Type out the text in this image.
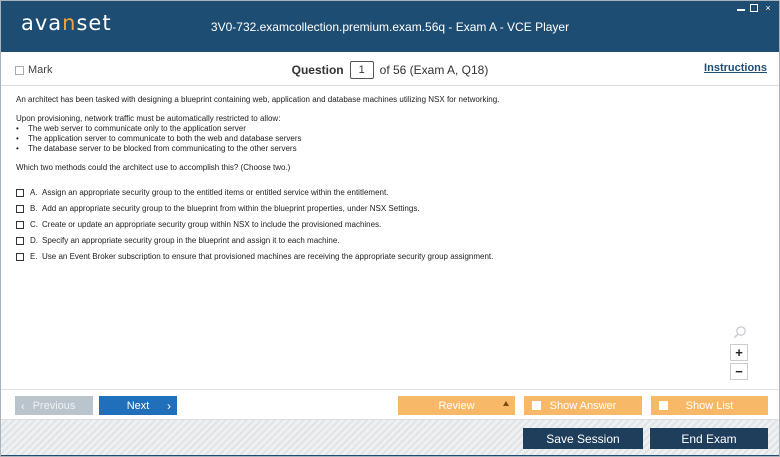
avanset	3V0-732.examcollection.premium.exam.56q - Exam A - VCE Player
×
Mark	Question	1	of 56 (Exam A, Q18)	Instructions

An architect has been tasked with designing a blueprint containing web, application and database machines utilizing NSX for networking.

Upon provisioning, network traffic must be automatically restricted to allow:
•	The web server to communicate only to the application server
•	The application server to communicate to both the web and database servers
•	The database server to be blocked from communicating to the other servers

Which two methods could the architect use to accomplish this? (Choose two.)

A. Assign an appropriate security group to the entitled items or entitled service within the entitlement.
B. Add an appropriate security group to the blueprint from within the blueprint properties, under NSX Settings.
C. Create or update an appropriate security group within NSX to include the provisioned machines.
D. Specify an appropriate security group in the blueprint and assign it to each machine.
E. Use an Event Broker subscription to ensure that provisioned machines are receiving the appropriate security group assignment.
+
−
‹ Previous	Next ›	Review	Show Answer	Show List
Save Session	End Exam
